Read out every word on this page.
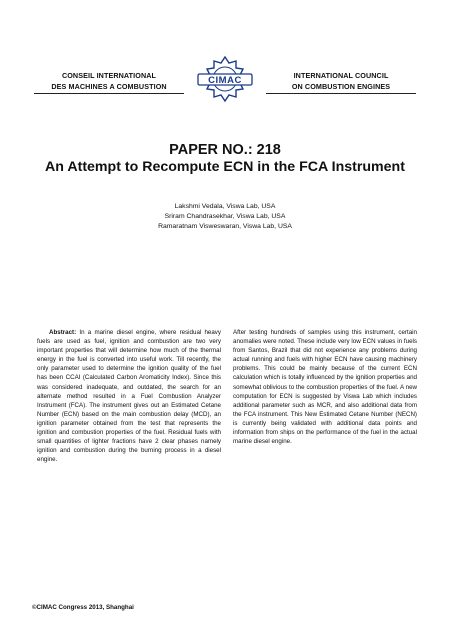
CONSEIL INTERNATIONAL
DES MACHINES A COMBUSTION
INTERNATIONAL COUNCIL
ON COMBUSTION ENGINES
CIMAC
PAPER NO.: 218
An Attempt to Recompute ECN in the FCA Instrument
Lakshmi Vedala, Viswa Lab, USA
Sriram Chandrasekhar, Viswa Lab, USA
Ramaratnam Visweswaran, Viswa Lab, USA

Abstract: In a marine diesel engine, where residual heavy fuels are used as fuel, ignition and combustion are two very important properties that will determine how much of the thermal energy in the fuel is converted into useful work. Till recently, the only parameter used to determine the ignition quality of the fuel has been CCAI (Calculated Carbon Aromaticity Index). Since this was considered inadequate, and outdated, the search for an alternate method resulted in a Fuel Combustion Analyzer Instrument (FCA). The instrument gives out an Estimated Cetane Number (ECN) based on the main combustion delay (MCD), an ignition parameter obtained from the test that represents the ignition and combustion properties of the fuel. Residual fuels with small quantities of lighter fractions have 2 clear phases namely ignition and combustion during the burning process in a diesel engine.

After testing hundreds of samples using this instrument, certain anomalies were noted. These include very low ECN values in fuels from Santos, Brazil that did not experience any problems during actual running and fuels with higher ECN have causing machinery problems. This could be mainly because of the current ECN calculation which is totally influenced by the ignition properties and somewhat oblivious to the combustion properties of the fuel. A new computation for ECN is suggested by Viswa Lab which includes additional parameter such as MCR, and also additional data from the FCA instrument. This New Estimated Cetane Number (NECN) is currently being validated with additional data points and information from ships on the performance of the fuel in the actual marine diesel engine.

©CIMAC Congress 2013, Shanghai
